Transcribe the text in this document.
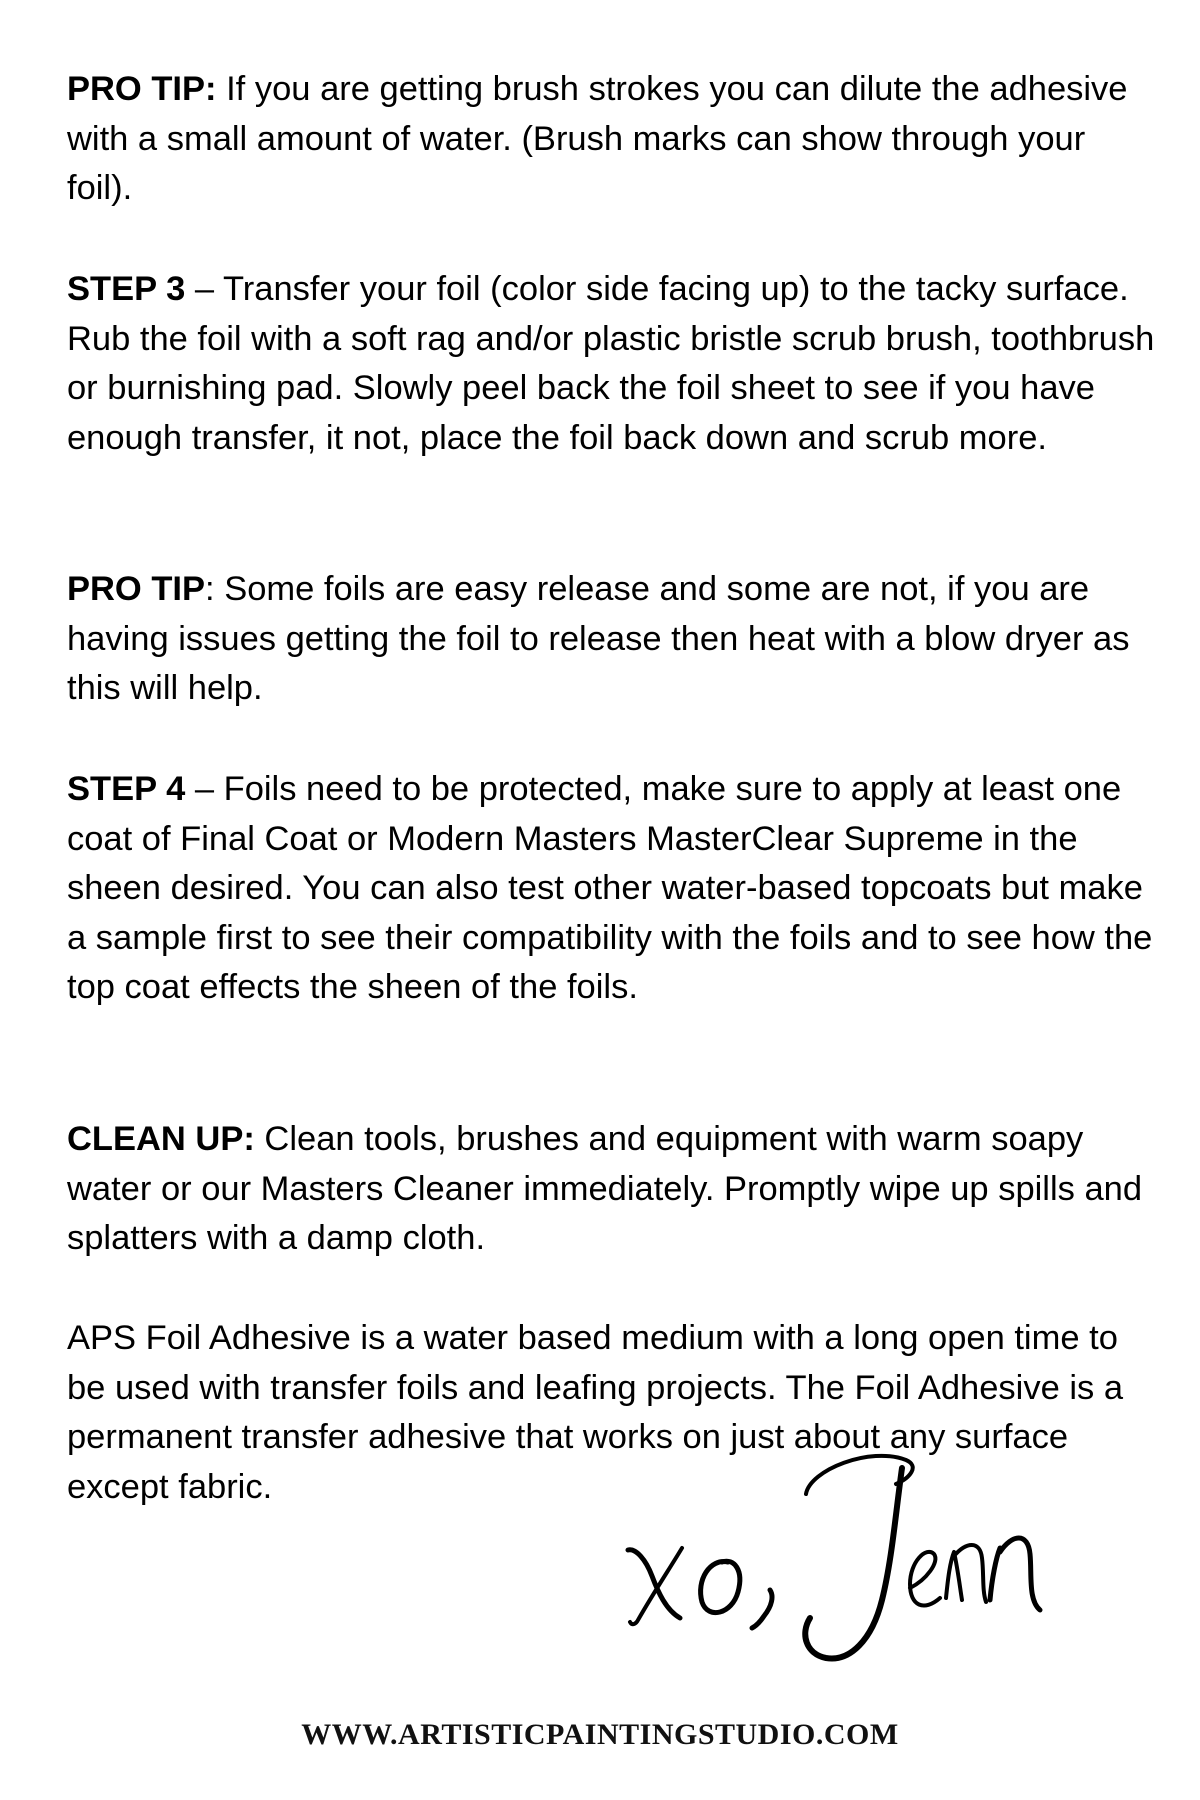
PRO TIP: If you are getting brush strokes you can dilute the adhesive with a small amount of water. (Brush marks can show through your foil).

STEP 3 – Transfer your foil (color side facing up) to the tacky surface. Rub the foil with a soft rag and/or plastic bristle scrub brush, toothbrush or burnishing pad. Slowly peel back the foil sheet to see if you have enough transfer, it not, place the foil back down and scrub more.

PRO TIP: Some foils are easy release and some are not, if you are having issues getting the foil to release then heat with a blow dryer as this will help.

STEP 4 – Foils need to be protected, make sure to apply at least one coat of Final Coat or Modern Masters MasterClear Supreme in the sheen desired. You can also test other water-based topcoats but make a sample first to see their compatibility with the foils and to see how the top coat effects the sheen of the foils.

CLEAN UP: Clean tools, brushes and equipment with warm soapy water or our Masters Cleaner immediately. Promptly wipe up spills and splatters with a damp cloth.

APS Foil Adhesive is a water based medium with a long open time to be used with transfer foils and leafing projects. The Foil Adhesive is a permanent transfer adhesive that works on just about any surface except fabric.

WWW.ARTISTICPAINTINGSTUDIO.COM
